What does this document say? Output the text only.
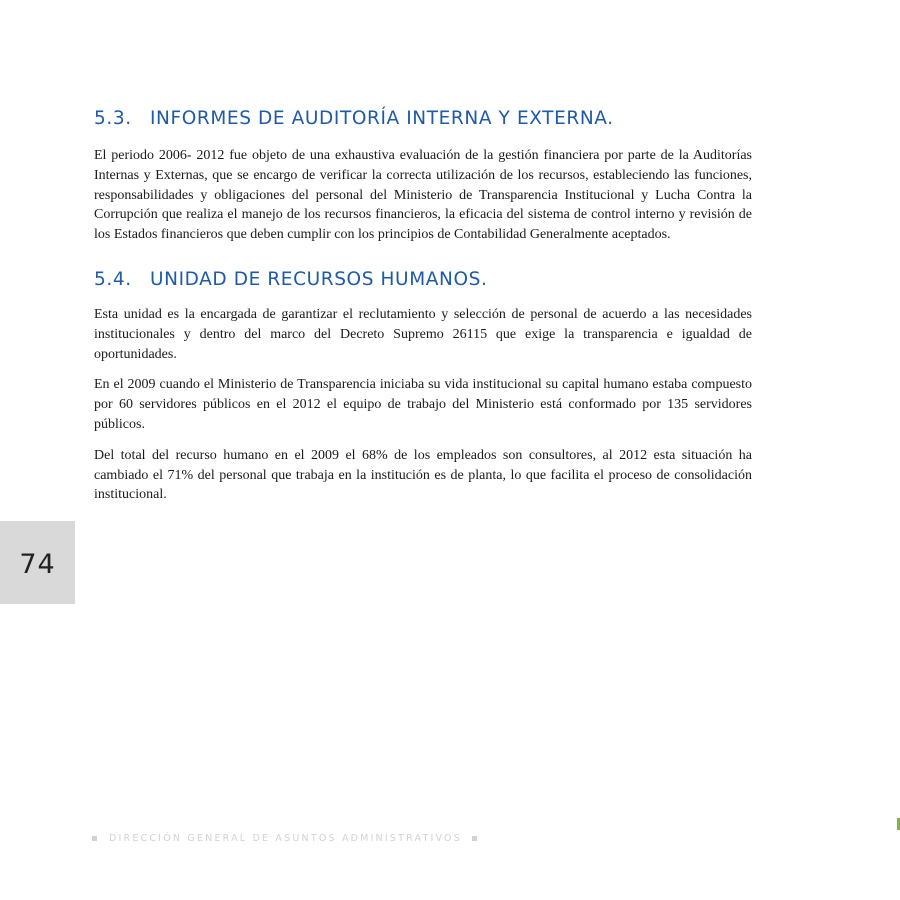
5.3. INFORMES DE AUDITORÍA INTERNA Y EXTERNA.

El periodo 2006- 2012 fue objeto de una exhaustiva evaluación de la gestión financiera por parte de la Auditorías Internas y Externas, que se encargo de verificar la correcta utilización de los recursos, estableciendo las funciones, responsabilidades y obligaciones del personal del Ministerio de Transparencia Institucional y Lucha Contra la Corrupción que realiza el manejo de los recursos financieros, la eficacia del sistema de control interno y revisión de los Estados financieros que deben cumplir con los principios de Contabilidad Generalmente aceptados.

5.4. UNIDAD DE RECURSOS HUMANOS.

Esta unidad es la encargada de garantizar el reclutamiento y selección de personal de acuerdo a las necesidades institucionales y dentro del marco del Decreto Supremo 26115 que exige la transparencia e igualdad de oportunidades.

En el 2009 cuando el Ministerio de Transparencia iniciaba su vida institucional su capital humano estaba compuesto por 60 servidores públicos en el 2012 el equipo de trabajo del Ministerio está conformado por 135 servidores públicos.

Del total del recurso humano en el 2009 el 68% de los empleados son consultores, al 2012 esta situación ha cambiado el 71% del personal que trabaja en la institución es de planta, lo que facilita el proceso de consolidación institucional.

74
DIRECCIÓN GENERAL DE ASUNTOS ADMINISTRATIVOS
